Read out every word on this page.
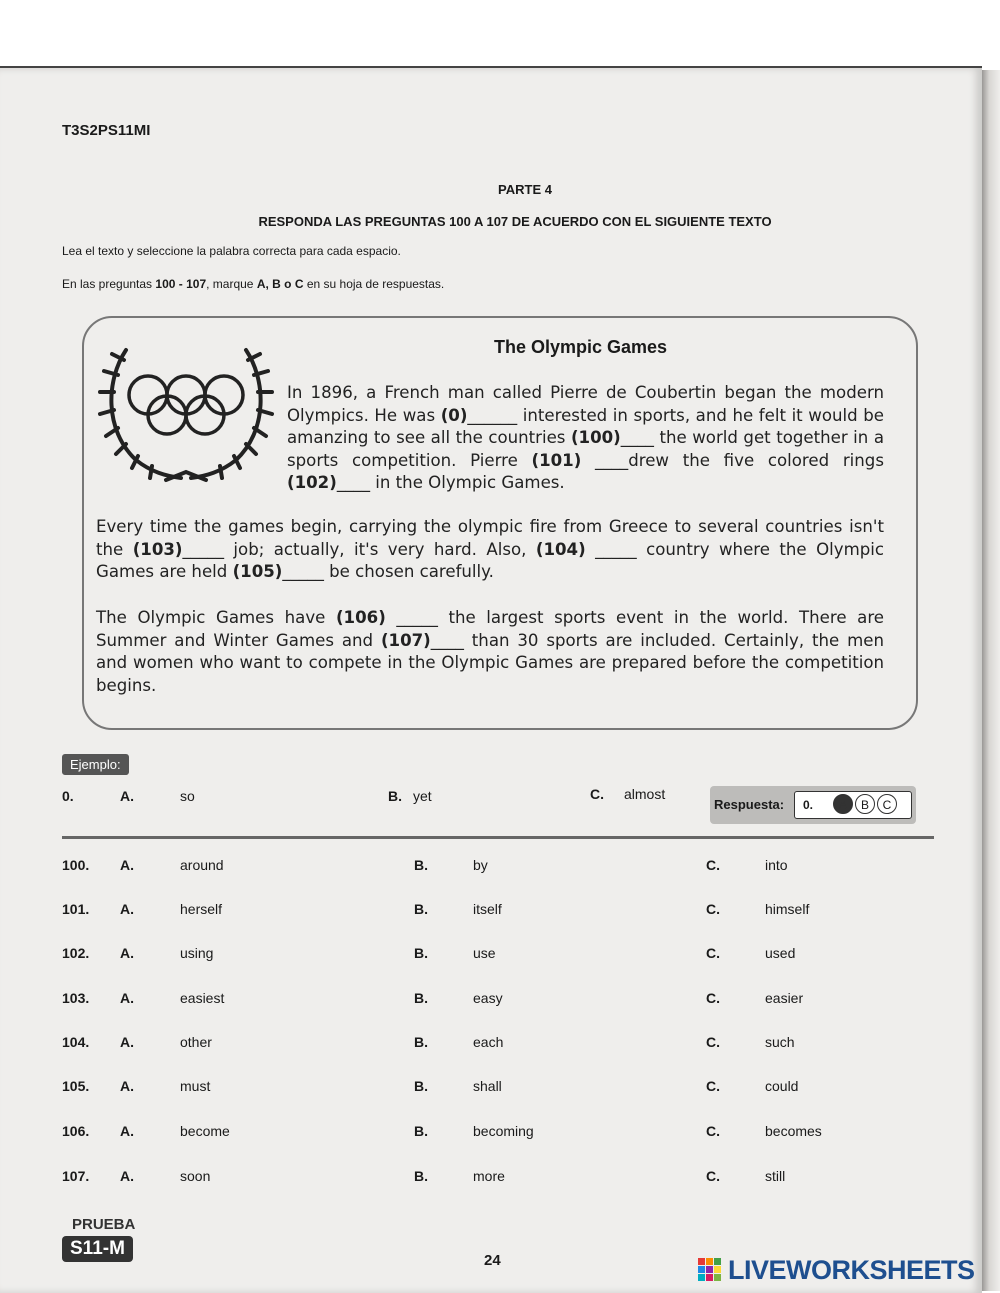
T3S2PS11MI
PARTE 4
RESPONDA LAS PREGUNTAS 100 A 107 DE ACUERDO CON EL SIGUIENTE TEXTO
Lea el texto y seleccione la palabra correcta para cada espacio.
En las preguntas 100 - 107, marque A, B o C en su hoja de respuestas.
The Olympic Games
In 1896, a French man called Pierre de Coubertin began the modern Olympics. He was (0)______ interested in sports, and he felt it would be amanzing to see all the countries (100)____ the world get together in a sports competition. Pierre (101) ____drew the five colored rings (102)____ in the Olympic Games.
Every time the games begin, carrying the olympic fire from Greece to several countries isn't the (103)_____ job; actually, it's very hard. Also, (104) _____ country where the Olympic Games are held (105)_____ be chosen carefully.
The Olympic Games have (106) _____ the largest sports event in the world. There are Summer and Winter Games and (107)____ than 30 sports are included. Certainly, the men and women who want to compete in the Olympic Games are prepared before the competition begins.
Ejemplo:
0.	A.	so	B. yet	C. almost
Respuesta: 0.	A	B	C
100. A.	around	B.	by	C.	into
101. A.	herself	B.	itself	C.	himself
102. A.	using	B.	use	C.	used
103. A.	easiest	B.	easy	C.	easier
104. A.	other	B.	each	C.	such
105. A.	must	B.	shall	C.	could
106. A.	become	B.	becoming	C.	becomes
107. A.	soon	B.	more	C.	still
PRUEBA
S11-M
24	LIVEWORKSHEETS
